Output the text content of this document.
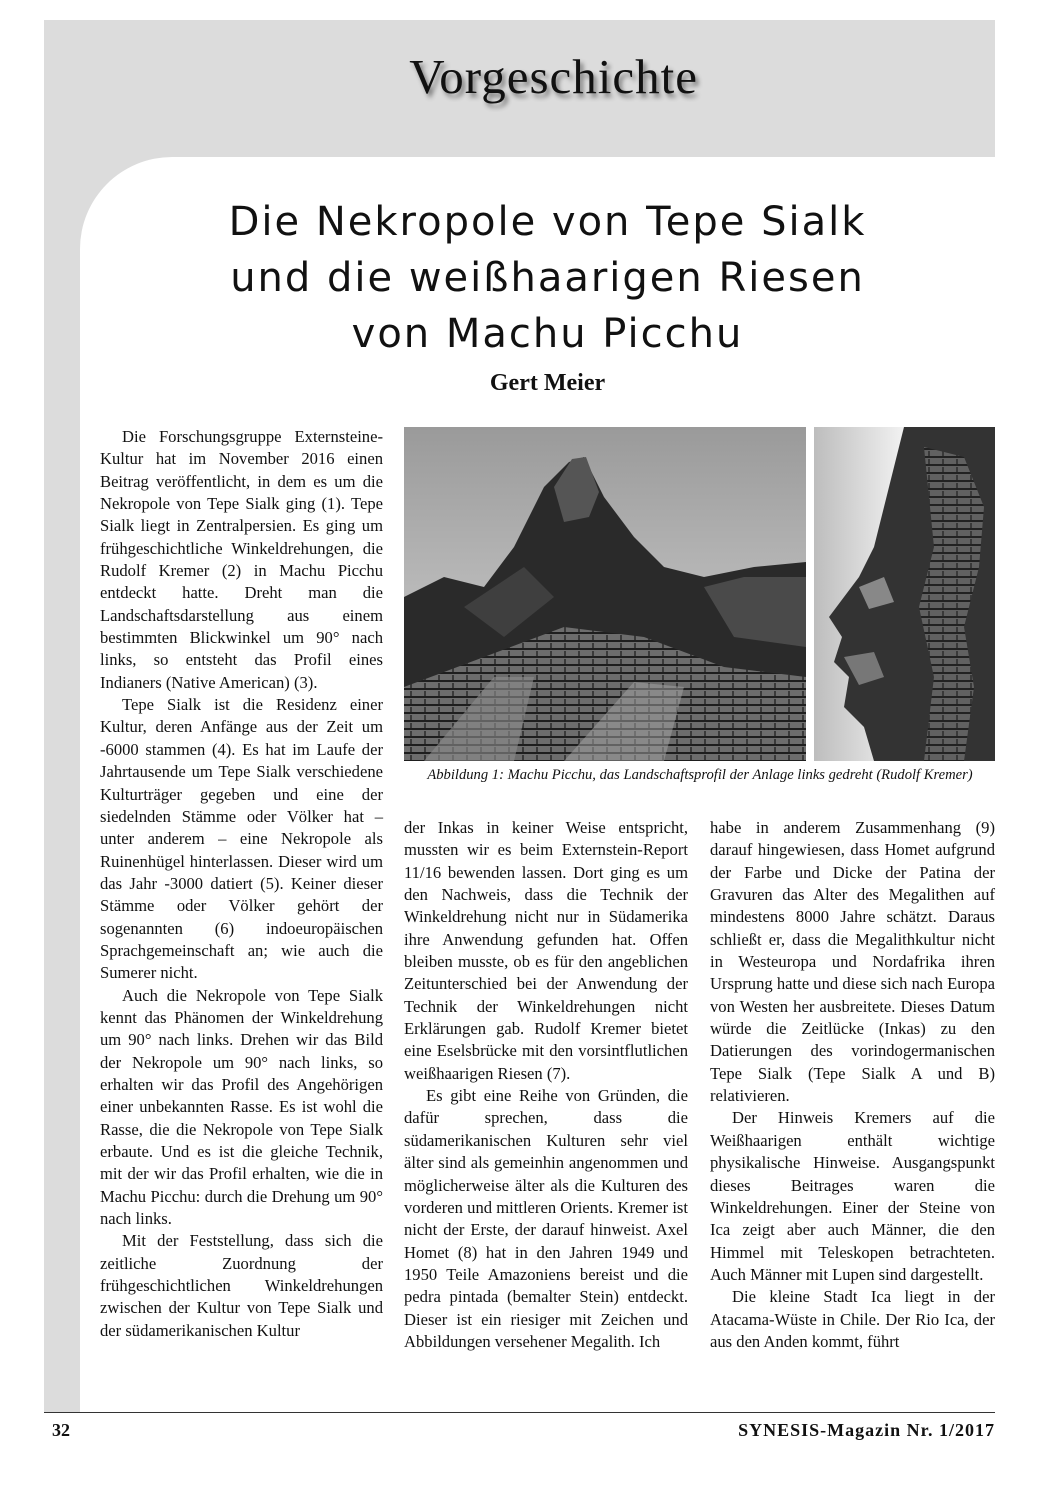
Vorgeschichte
Die Nekropole von Tepe Sialk
und die weißhaarigen Riesen
von Machu Picchu
Gert Meier

Die Forschungsgruppe Externsteine-Kultur hat im November 2016 einen Beitrag veröffentlicht, in dem es um die Nekropole von Tepe Sialk ging (1). Tepe Sialk liegt in Zentralpersien. Es ging um frühgeschichtliche Winkeldrehungen, die Rudolf Kremer (2) in Machu Picchu entdeckt hatte. Dreht man die Landschaftsdarstellung aus einem bestimmten Blickwinkel um 90° nach links, so entsteht das Profil eines Indianers (Native American) (3).

Tepe Sialk ist die Residenz einer Kultur, deren Anfänge aus der Zeit um -6000 stammen (4). Es hat im Laufe der Jahrtausende um Tepe Sialk verschiedene Kulturträger gegeben und eine der siedelnden Stämme oder Völker hat – unter anderem – eine Nekropole als Ruinenhügel hinterlassen. Dieser wird um das Jahr -3000 datiert (5). Keiner dieser Stämme oder Völker gehört der sogenannten (6) indoeuropäischen Sprachgemeinschaft an; wie auch die Sumerer nicht.

Auch die Nekropole von Tepe Sialk kennt das Phänomen der Winkeldrehung um 90° nach links. Drehen wir das Bild der Nekropole um 90° nach links, so erhalten wir das Profil des Angehörigen einer unbekannten Rasse. Es ist wohl die Rasse, die die Nekropole von Tepe Sialk erbaute. Und es ist die gleiche Technik, mit der wir das Profil erhalten, wie die in Machu Picchu: durch die Drehung um 90° nach links.

Mit der Feststellung, dass sich die zeitliche Zuordnung der frühgeschichtlichen Winkeldrehungen zwischen der Kultur von Tepe Sialk und der südamerikanischen Kultur

Abbildung 1: Machu Picchu, das Landschaftsprofil der Anlage links gedreht (Rudolf Kremer)

der Inkas in keiner Weise entspricht, mussten wir es beim Externstein-Report 11/16 bewenden lassen. Dort ging es um den Nachweis, dass die Technik der Winkeldrehung nicht nur in Südamerika ihre Anwendung gefunden hat. Offen bleiben musste, ob es für den angeblichen Zeitunterschied bei der Anwendung der Technik der Winkeldrehungen nicht Erklärungen gab. Rudolf Kremer bietet eine Eselsbrücke mit den vorsintflutlichen weißhaarigen Riesen (7).

Es gibt eine Reihe von Gründen, die dafür sprechen, dass die südamerikanischen Kulturen sehr viel älter sind als gemeinhin angenommen und möglicherweise älter als die Kulturen des vorderen und mittleren Orients. Kremer ist nicht der Erste, der darauf hinweist. Axel Homet (8) hat in den Jahren 1949 und 1950 Teile Amazoniens bereist und die pedra pintada (bemalter Stein) entdeckt. Dieser ist ein riesiger mit Zeichen und Abbildungen versehener Megalith. Ich

habe in anderem Zusammenhang (9) darauf hingewiesen, dass Homet aufgrund der Farbe und Dicke der Patina der Gravuren das Alter des Megalithen auf mindestens 8000 Jahre schätzt. Daraus schließt er, dass die Megalithkultur nicht in Westeuropa und Nordafrika ihren Ursprung hatte und diese sich nach Europa von Westen her ausbreitete. Dieses Datum würde die Zeitlücke (Inkas) zu den Datierungen des vorindogermanischen Tepe Sialk (Tepe Sialk A und B) relativieren.

Der Hinweis Kremers auf die Weißhaarigen enthält wichtige physikalische Hinweise. Ausgangspunkt dieses Beitrages waren die Winkeldrehungen. Einer der Steine von Ica zeigt aber auch Männer, die den Himmel mit Teleskopen betrachteten. Auch Männer mit Lupen sind dargestellt.

Die kleine Stadt Ica liegt in der Atacama-Wüste in Chile. Der Rio Ica, der aus den Anden kommt, führt

32	SYNESIS-Magazin Nr. 1/2017
